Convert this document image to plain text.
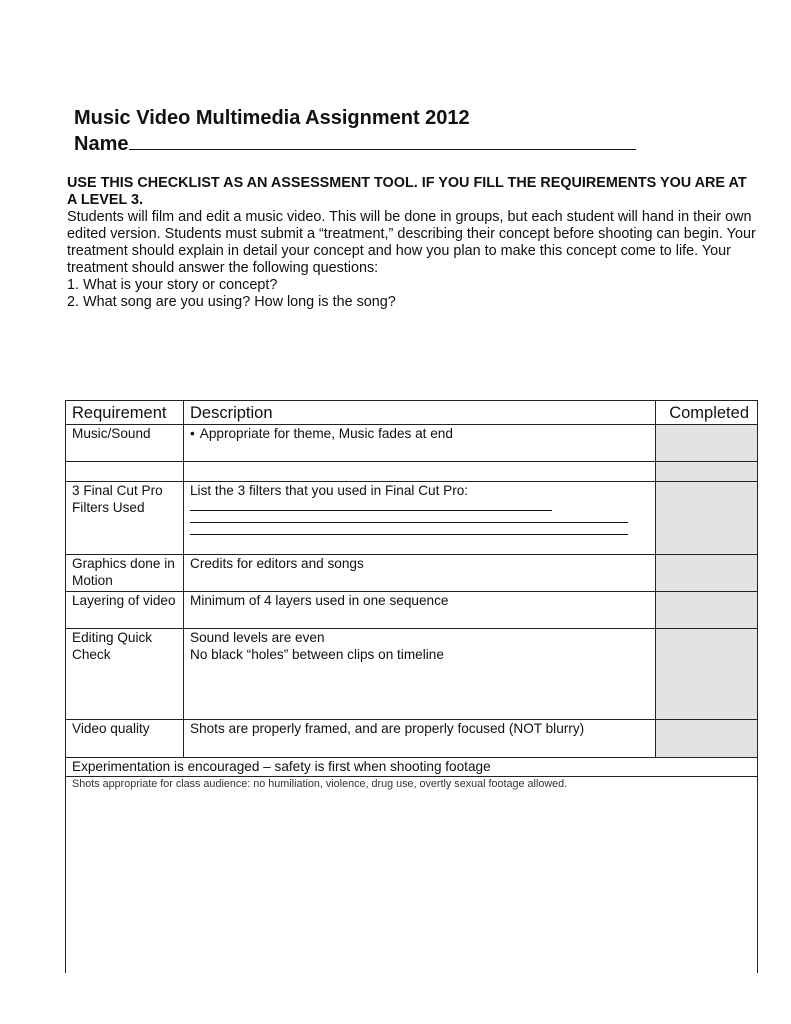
Music Video Multimedia Assignment 2012
Name

USE THIS CHECKLIST AS AN ASSESSMENT TOOL. IF YOU FILL THE REQUIREMENTS YOU ARE AT A LEVEL 3.

Students will film and edit a music video. This will be done in groups, but each student will hand in their own edited version. Students must submit a “treatment,” describing their concept before shooting can begin. Your treatment should explain in detail your concept and how you plan to make this concept come to life. Your treatment should answer the following questions:

1. What is your story or concept?

2. What song are you using? How long is the song?

Requirement	Description	Completed
Music/Sound	• Appropriate for theme, Music fades at end	

3 Final Cut Pro Filters Used	List the 3 filters that you used in Final Cut Pro:	

Graphics done in Motion	Credits for editors and songs	
Layering of video	Minimum of 4 layers used in one sequence	
Editing Quick Check	Sound levels are even
No black “holes” between clips on timeline	

Video quality	Shots are properly framed, and are properly focused (NOT blurry)	
Experimentation is encouraged – safety is first when shooting footage		
Shots appropriate for class audience: no humiliation, violence, drug use, overtly sexual footage allowed.		
